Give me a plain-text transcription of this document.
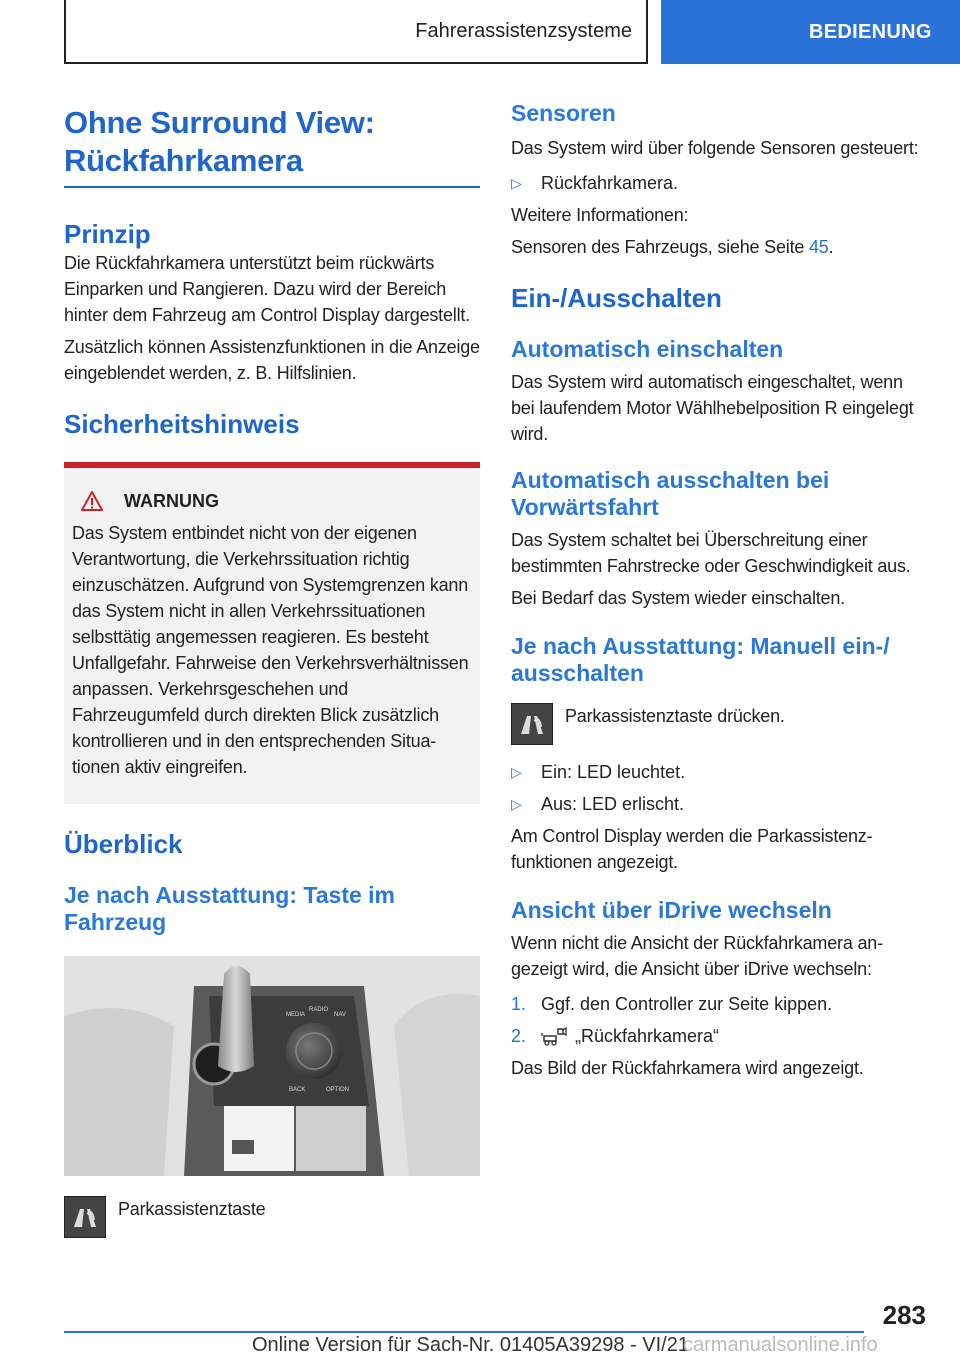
Fahrerassistenzsysteme	BEDIENUNG
Ohne Surround View:
Rückfahrkamera
Prinzip

Die Rückfahrkamera unterstützt beim rückwärts Einparken und Rangieren. Dazu wird der Bereich hinter dem Fahrzeug am Control Display dargestellt.

Zusätzlich können Assistenzfunktionen in die Anzeige eingeblendet werden, z. B. Hilfslinien.

Sicherheitshinweis
WARNUNG

Das System entbindet nicht von der eigenen Verantwortung, die Verkehrssituation richtig einzuschätzen. Aufgrund von Systemgrenzen kann das System nicht in allen Verkehrssituationen selbsttätig angemessen reagieren. Es besteht Unfallgefahr. Fahrweise den Verkehrsverhältnissen anpassen. Verkehrsgeschehen und Fahrzeugumfeld durch direkten Blick zusätzlich kontrollieren und in den entsprechenden Situationen aktiv eingreifen.

Überblick
Je nach Ausstattung: Taste im Fahrzeug
MEDIA
RADIO
NAV
BACK	OPTION
Parkassistenztaste
Sensoren

Das System wird über folgende Sensoren gesteuert:

▷	Rückfahrkamera.

Weitere Informationen:

Sensoren des Fahrzeugs, siehe Seite 45.

Ein-/Ausschalten
Automatisch einschalten

Das System wird automatisch eingeschaltet, wenn bei laufendem Motor Wählhebelposition R eingelegt wird.

Automatisch ausschalten bei Vorwärtsfahrt

Das System schaltet bei Überschreitung einer bestimmten Fahrstrecke oder Geschwindigkeit aus.

Bei Bedarf das System wieder einschalten.

Je nach Ausstattung: Manuell ein-/ ausschalten
Parkassistenztaste drücken.
▷	Ein: LED leuchtet.
▷	Aus: LED erlischt.

Am Control Display werden die Parkassistenzfunktionen angezeigt.

Ansicht über iDrive wechseln

Wenn nicht die Ansicht der Rückfahrkamera angezeigt wird, die Ansicht über iDrive wechseln:

1. Ggf. den Controller zur Seite kippen.
2.	„Rückfahrkamera“

Das Bild der Rückfahrkamera wird angezeigt.

283
Online Version für Sach-Nr. 01405A39298 - VI/21
carmanualsonline.info
